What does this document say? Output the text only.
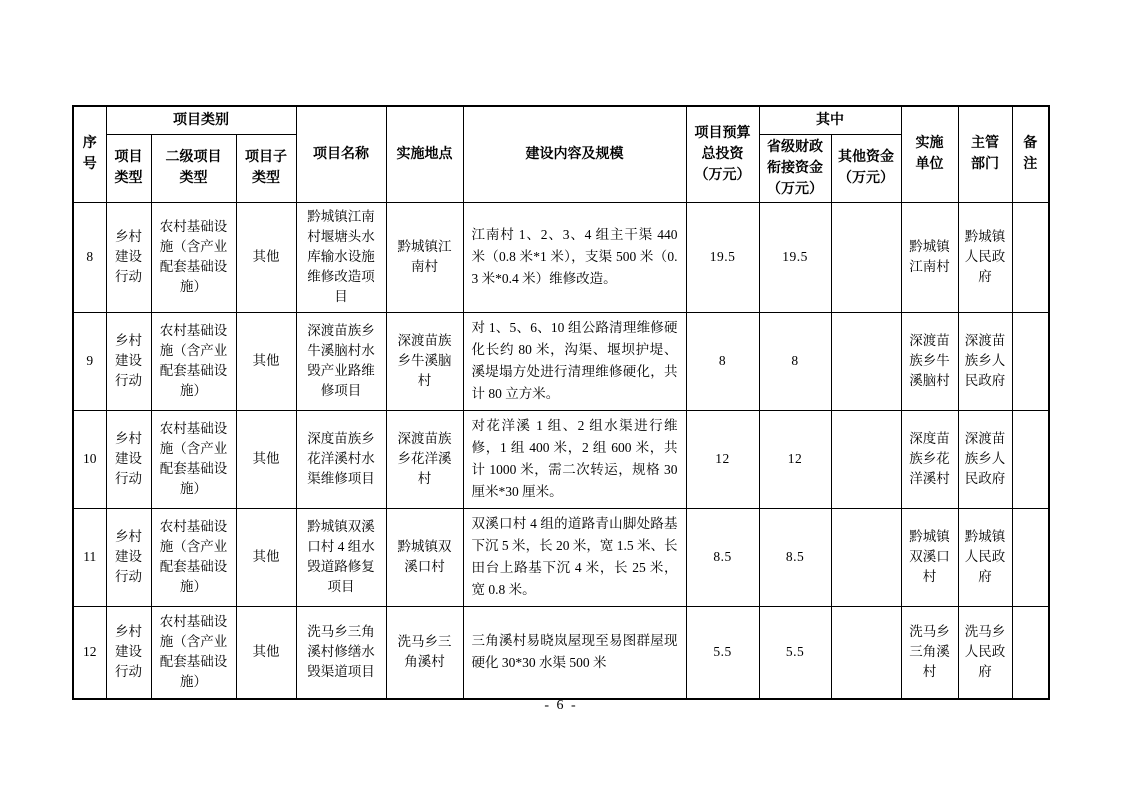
序号	项目类别			项目名称	实施地点	建设内容及规模	项目预算总投资（万元）	其中		实施单位	主管部门	备注
	项目类型	二级项目类型	项目子类型					省级财政衔接资金（万元）	其他资金（万元）			
8	乡村建设行动	农村基础设施（含产业配套基础设施）	其他	黔城镇江南村堰塘头水库输水设施维修改造项目	黔城镇江南村	江南村 1、2、3、4 组主干渠 440 米（0.8 米*1 米），支渠 500 米（0.3 米*0.4 米）维修改造。	19.5	19.5		黔城镇江南村	黔城镇人民政府	
9	乡村建设行动	农村基础设施（含产业配套基础设施）	其他	深渡苗族乡牛溪脑村水毁产业路维修项目	深渡苗族乡牛溪脑村	对 1、5、6、10 组公路清理维修硬化长约 80 米，沟渠、堰坝护堤、溪堤塌方处进行清理维修硬化，共计 80 立方米。	8	8		深渡苗族乡牛溪脑村	深渡苗族乡人民政府	
10	乡村建设行动	农村基础设施（含产业配套基础设施）	其他	深度苗族乡花洋溪村水渠维修项目	深渡苗族乡花洋溪村	对花洋溪 1 组、2 组水渠进行维修，1 组 400 米，2 组 600 米，共计 1000 米，需二次转运，规格 30 厘米*30 厘米。	12	12		深度苗族乡花洋溪村	深渡苗族乡人民政府	
11	乡村建设行动	农村基础设施（含产业配套基础设施）	其他	黔城镇双溪口村 4 组水毁道路修复项目	黔城镇双溪口村	双溪口村 4 组的道路青山脚处路基下沉 5 米，长 20 米，宽 1.5 米、长田台上路基下沉 4 米，长 25 米，宽 0.8 米。	8.5	8.5		黔城镇双溪口村	黔城镇人民政府	
12	乡村建设行动	农村基础设施（含产业配套基础设施）	其他	洗马乡三角溪村修缮水毁渠道项目	洗马乡三角溪村	三角溪村易晓岚屋现至易图群屋现硬化 30*30 水渠 500 米	5.5	5.5		洗马乡三角溪村	洗马乡人民政府	
- 6 -
